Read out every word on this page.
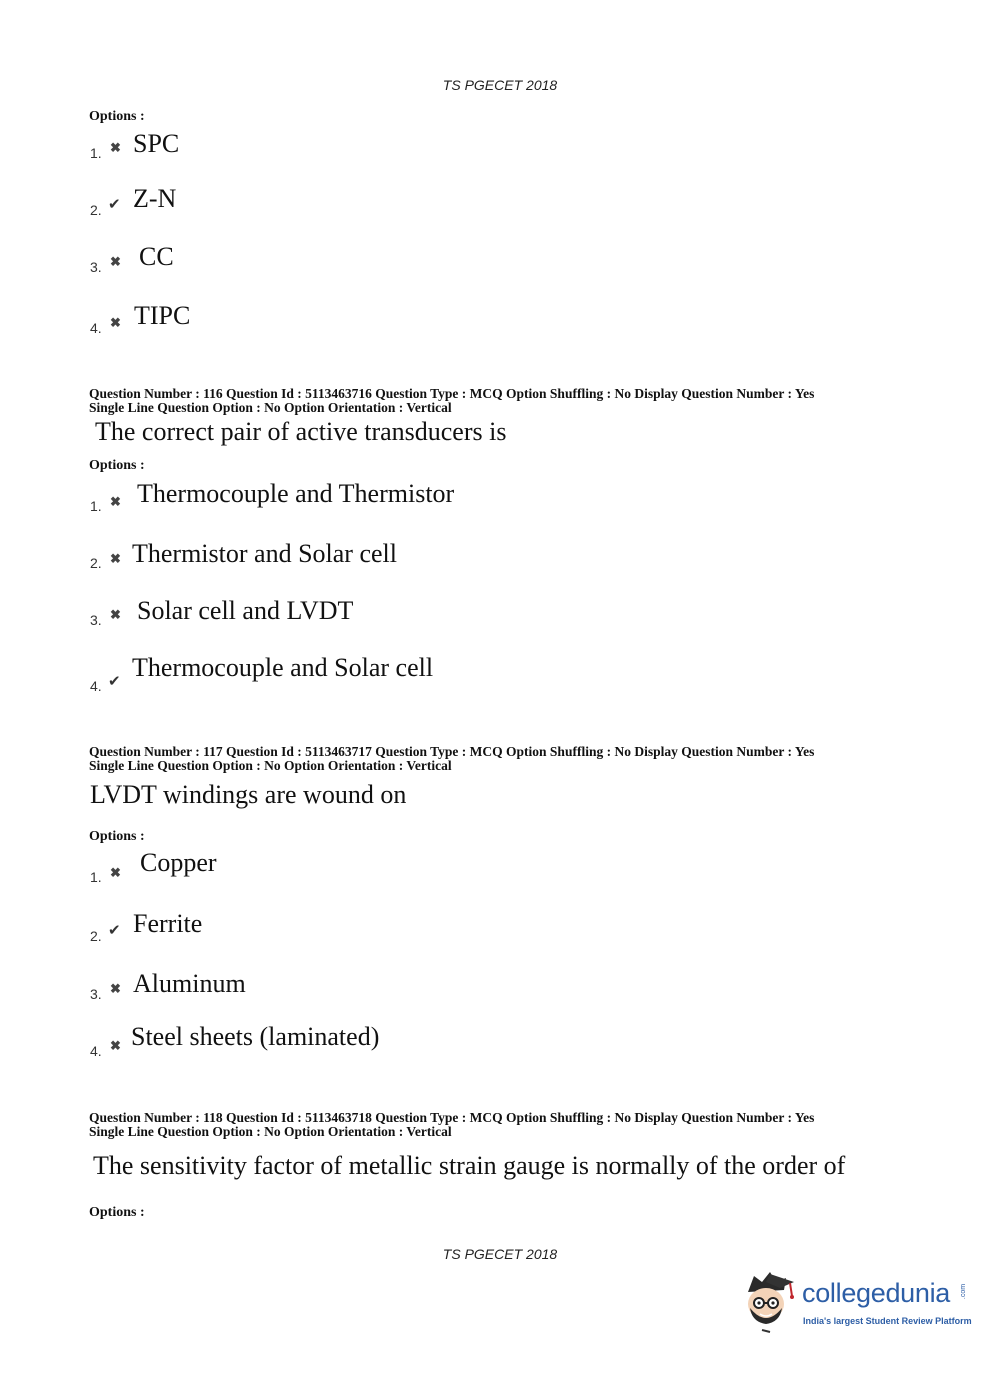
TS PGECET 2018
Options :
1. ✖ SPC
2. ✔ Z-N
3. ✖ CC
4. ✖ TIPC
Question Number : 116 Question Id : 5113463716 Question Type : MCQ Option Shuffling : No Display Question Number : Yes
Single Line Question Option : No Option Orientation : Vertical
The correct pair of active transducers is
Options :
1. ✖ Thermocouple and Thermistor
2. ✖ Thermistor and Solar cell
3. ✖ Solar cell and LVDT
4. ✔ Thermocouple and Solar cell
Question Number : 117 Question Id : 5113463717 Question Type : MCQ Option Shuffling : No Display Question Number : Yes
Single Line Question Option : No Option Orientation : Vertical
LVDT windings are wound on
Options :
1. ✖ Copper
2. ✔ Ferrite
3. ✖ Aluminum
4. ✖ Steel sheets (laminated)
Question Number : 118 Question Id : 5113463718 Question Type : MCQ Option Shuffling : No Display Question Number : Yes
Single Line Question Option : No Option Orientation : Vertical
The sensitivity factor of metallic strain gauge is normally of the order of
Options :
TS PGECET 2018
collegedunia .com
India's largest Student Review Platform
